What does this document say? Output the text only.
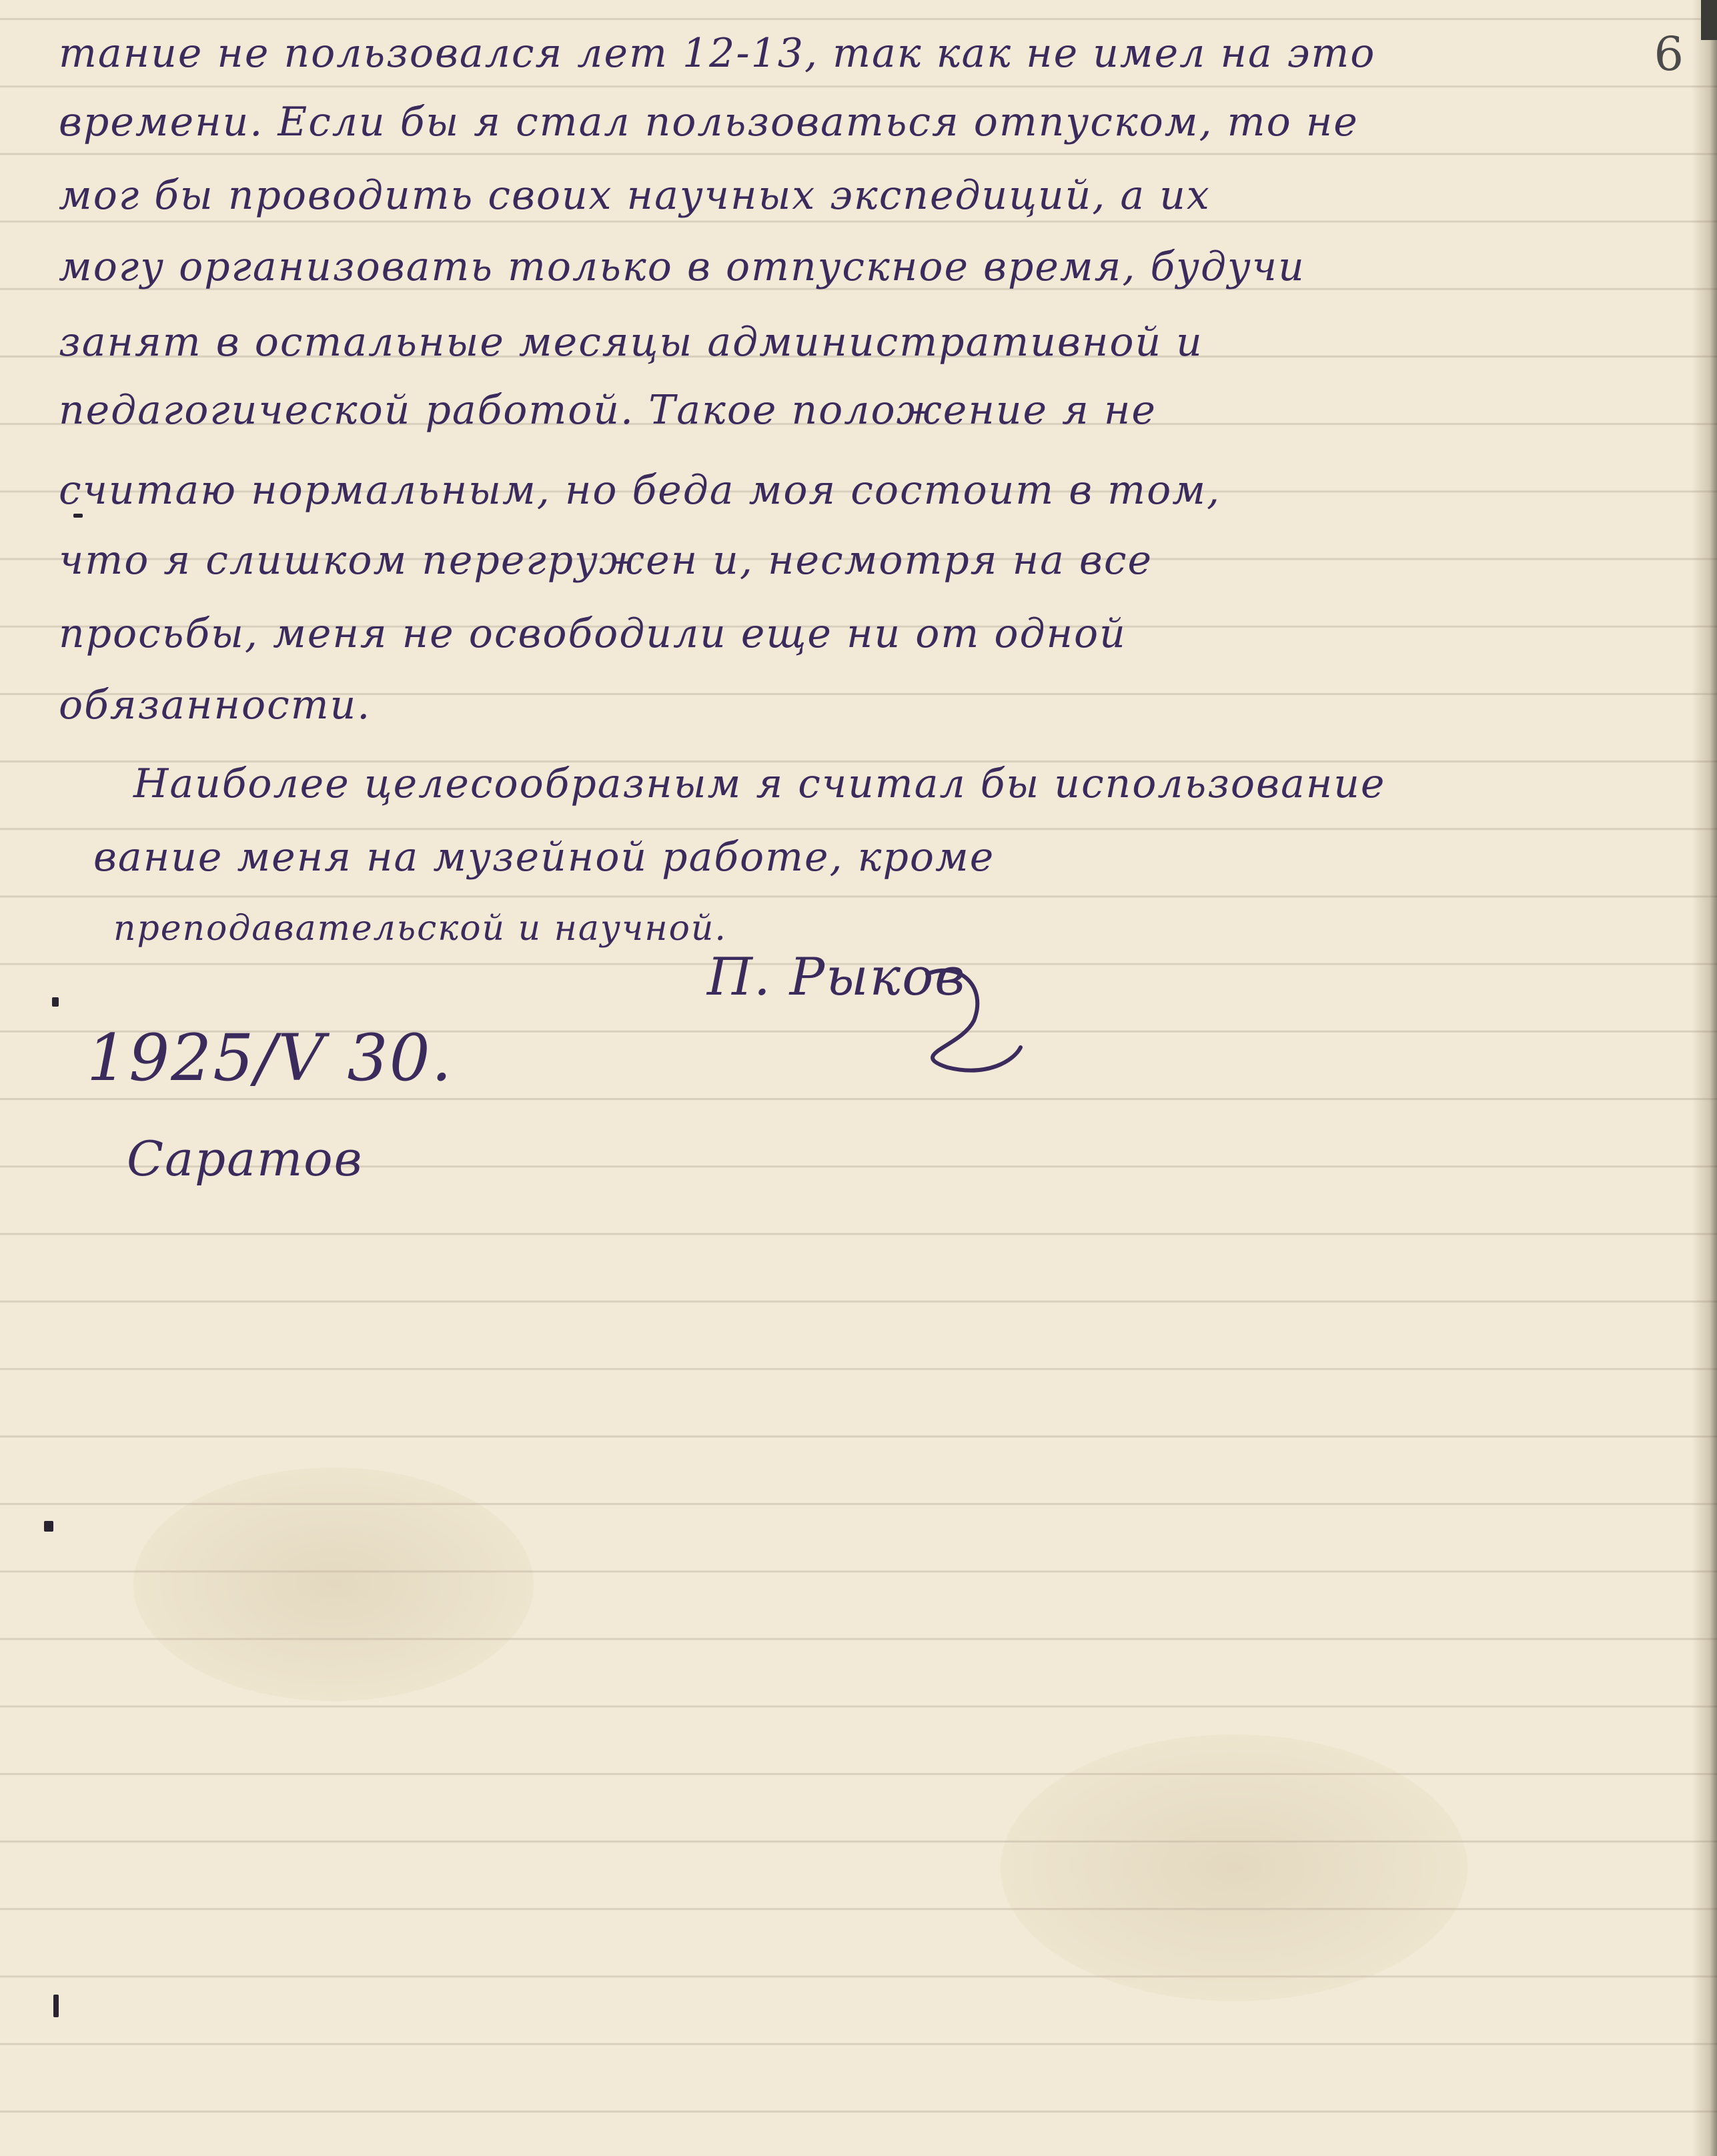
6
тание не пользовался лет 12-13, так как не имел на это
времени. Если бы я стал пользоваться отпуском, то не
мог бы проводить своих научных экспедиций, а их
могу организовать только в отпускное время, будучи
занят в остальные месяцы административной и
педагогической работой. Такое положение я не
считаю нормальным, но беда моя состоит в том,
что я слишком перегружен и, несмотря на все
просьбы, меня не освободили еще ни от одной
обязанности.
Наиболее целесообразным я считал бы использование
вание меня на музейной работе, кроме
преподавательской и научной.
П. Рыков
1925/V 30.
Саратов
